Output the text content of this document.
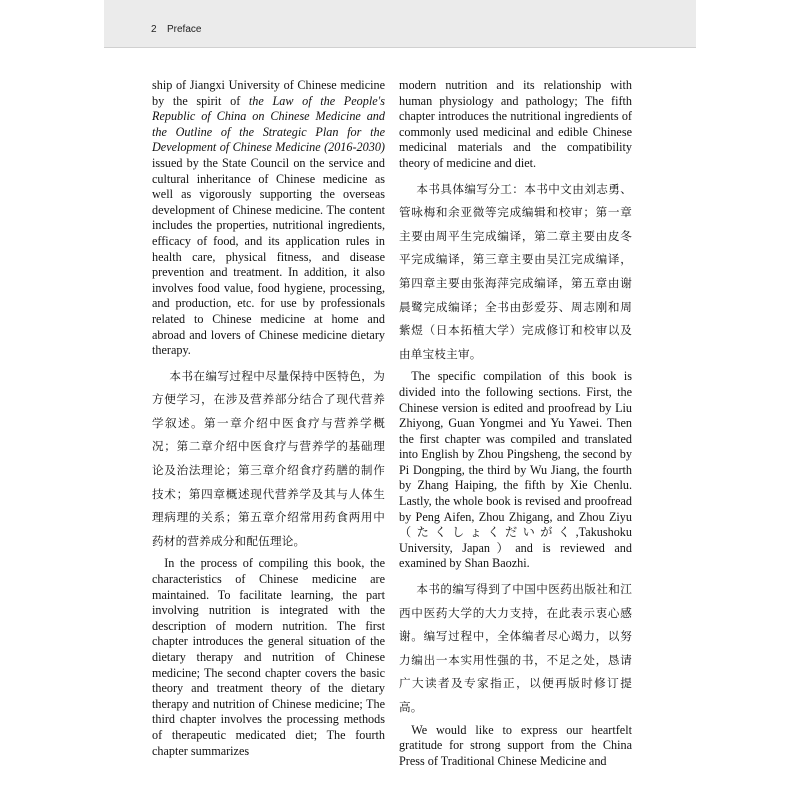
2 Preface

ship of Jiangxi University of Chinese medicine by the spirit of the Law of the People's Republic of China on Chinese Medicine and the Outline of the Strategic Plan for the Development of Chinese Medicine (2016-2030) issued by the State Council on the service and cultural inheritance of Chinese medicine as well as vigorously supporting the overseas development of Chinese medicine. The content includes the properties, nutritional ingredients, efficacy of food, and its application rules in health care, physical fitness, and disease prevention and treatment. In addition, it also involves food value, food hygiene, processing, and production, etc. for use by professionals related to Chinese medicine at home and abroad and lovers of Chinese medicine dietary therapy.

本书在编写过程中尽量保持中医特色，为方便学习，在涉及营养部分结合了现代营养学叙述。第一章介绍中医食疗与营养学概况；第二章介绍中医食疗与营养学的基础理论及治法理论；第三章介绍食疗药膳的制作技术；第四章概述现代营养学及其与人体生理病理的关系；第五章介绍常用药食两用中药材的营养成分和配伍理论。

In the process of compiling this book, the characteristics of Chinese medicine are maintained. To facilitate learning, the part involving nutrition is integrated with the description of modern nutrition. The first chapter introduces the general situation of the dietary therapy and nutrition of Chinese medicine; The second chapter covers the basic theory and treatment theory of the dietary therapy and nutrition of Chinese medicine; The third chapter involves the processing methods of therapeutic medicated diet; The fourth chapter summarizes

modern nutrition and its relationship with human physiology and pathology; The fifth chapter introduces the nutritional ingredients of commonly used medicinal and edible Chinese medicinal materials and the compatibility theory of medicine and diet.

本书具体编写分工：本书中文由刘志勇、管咏梅和余亚微等完成编辑和校审；第一章主要由周平生完成编译，第二章主要由皮冬平完成编译，第三章主要由吴江完成编译，第四章主要由张海萍完成编译，第五章由谢晨鹭完成编译；全书由彭爱芬、周志刚和周紫煜（日本拓植大学）完成修订和校审以及由单宝枝主审。

The specific compilation of this book is divided into the following sections. First, the Chinese version is edited and proofread by Liu Zhiyong, Guan Yongmei and Yu Yawei. Then the first chapter was compiled and translated into English by Zhou Pingsheng, the second by Pi Dongping, the third by Wu Jiang, the fourth by Zhang Haiping, the fifth by Xie Chenlu. Lastly, the whole book is revised and proofread by Peng Aifen, Zhou Zhigang, and Zhou Ziyu（たくしょくだいがく,Takushoku University, Japan）and is reviewed and examined by Shan Baozhi.

本书的编写得到了中国中医药出版社和江西中医药大学的大力支持，在此表示衷心感谢。编写过程中，全体编者尽心竭力，以努力编出一本实用性强的书，不足之处，恳请广大读者及专家指正，以便再版时修订提高。

We would like to express our heartfelt gratitude for strong support from the China Press of Traditional Chinese Medicine and
